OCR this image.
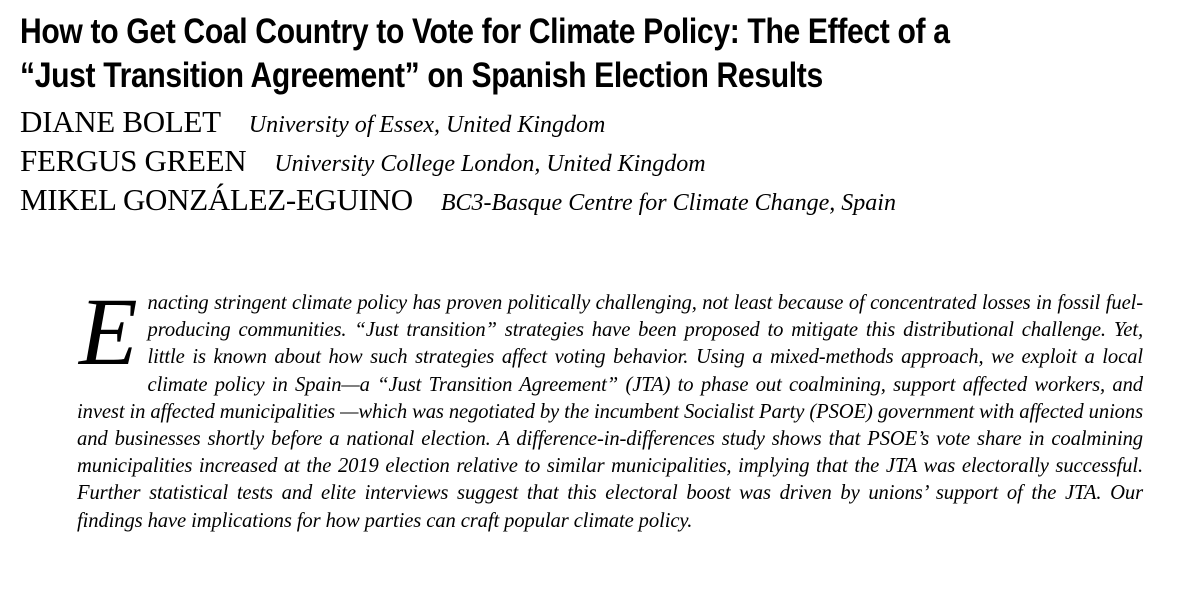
How to Get Coal Country to Vote for Climate Policy: The Effect of a
“Just Transition Agreement” on Spanish Election Results
DIANE BOLET University of Essex, United Kingdom
FERGUS GREEN University College London, United Kingdom
MIKEL GONZÁLEZ-EGUINO BC3-Basque Centre for Climate Change, Spain

Enacting stringent climate policy has proven politically challenging, not least because of concentrated losses in fossil fuel-producing communities. “Just transition” strategies have been proposed to mitigate this distributional challenge. Yet, little is known about how such strategies affect voting behavior. Using a mixed-methods approach, we exploit a local climate policy in Spain—a “Just Transition Agreement” (JTA) to phase out coalmining, support affected workers, and invest in affected municipalities —which was negotiated by the incumbent Socialist Party (PSOE) government with affected unions and businesses shortly before a national election. A difference-in-differences study shows that PSOE’s vote share in coalmining municipalities increased at the 2019 election relative to similar municipalities, implying that the JTA was electorally successful. Further statistical tests and elite interviews suggest that this electoral boost was driven by unions’ support of the JTA. Our findings have implications for how parties can craft popular climate policy.
